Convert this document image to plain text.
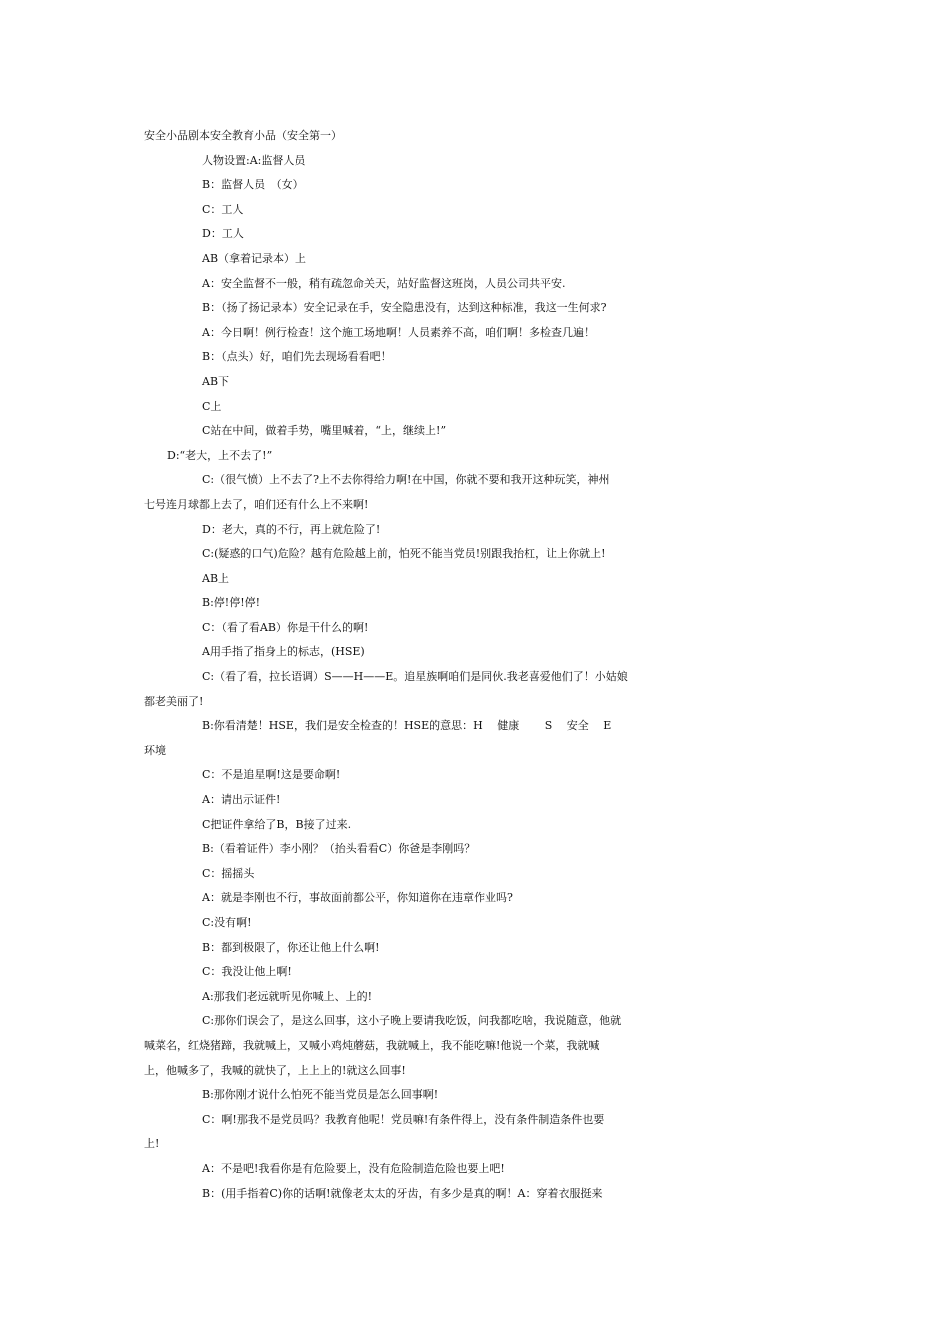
安全小品剧本安全教育小品（安全第一）
人物设置:A:监督人员
B：监督人员　（女）
C：工人
D：工人
AB（拿着记录本）上
A：安全监督不一般，稍有疏忽命关天，站好监督这班岗，人员公司共平安.
B：（扬了扬记录本）安全记录在手，安全隐患没有，达到这种标准，我这一生何求?
A：今日啊！例行检查！这个施工场地啊！人员素养不高，咱们啊！多检查几遍！
B：（点头）好，咱们先去现场看看吧！
AB下
C上
C站在中间，做着手势，嘴里喊着，“上，继续上!”
D:“老大，上不去了!”
C:（很气愤）上不去了?上不去你得给力啊!在中国，你就不要和我开这种玩笑，神州
七号连月球都上去了，咱们还有什么上不来啊!
D：老大，真的不行，再上就危险了!
C:(疑惑的口气)危险？越有危险越上前，怕死不能当党员!别跟我抬杠，让上你就上!
AB上
B:停!停!停!
C：（看了看AB）你是干什么的啊!
A用手指了指身上的标志，(HSE)
C:（看了看，拉长语调）S——H——E。追星族啊咱们是同伙.我老喜爱他们了！小姑娘
都老美丽了!
B:你看清楚！HSE，我们是安全检查的！HSE的意思：H　 健康　　 S　 安全　 E
环境
C：不是追星啊!这是要命啊!
A：请出示证件!
C把证件拿给了B，B接了过来.
B:（看着证件）李小刚？（抬头看看C）你爸是李刚吗？
C：摇摇头
A：就是李刚也不行，事故面前都公平，你知道你在违章作业吗?
C:没有啊!
B：都到极限了，你还让他上什么啊!
C：我没让他上啊!
A:那我们老远就听见你喊上、上的!
C:那你们误会了，是这么回事，这小子晚上要请我吃饭，问我都吃啥，我说随意，他就
喊菜名，红烧猪蹄，我就喊上，又喊小鸡炖蘑菇，我就喊上，我不能吃嘛!他说一个菜，我就喊
上，他喊多了，我喊的就快了，上上上的!就这么回事!
B:那你刚才说什么怕死不能当党员是怎么回事啊!
C：啊!那我不是党员吗？我教育他呢！党员嘛!有条件得上，没有条件制造条件也要
上!
A：不是吧!我看你是有危险要上，没有危险制造危险也要上吧!
B：(用手指着C)你的话啊!就像老太太的牙齿，有多少是真的啊！A：穿着衣服挺来
